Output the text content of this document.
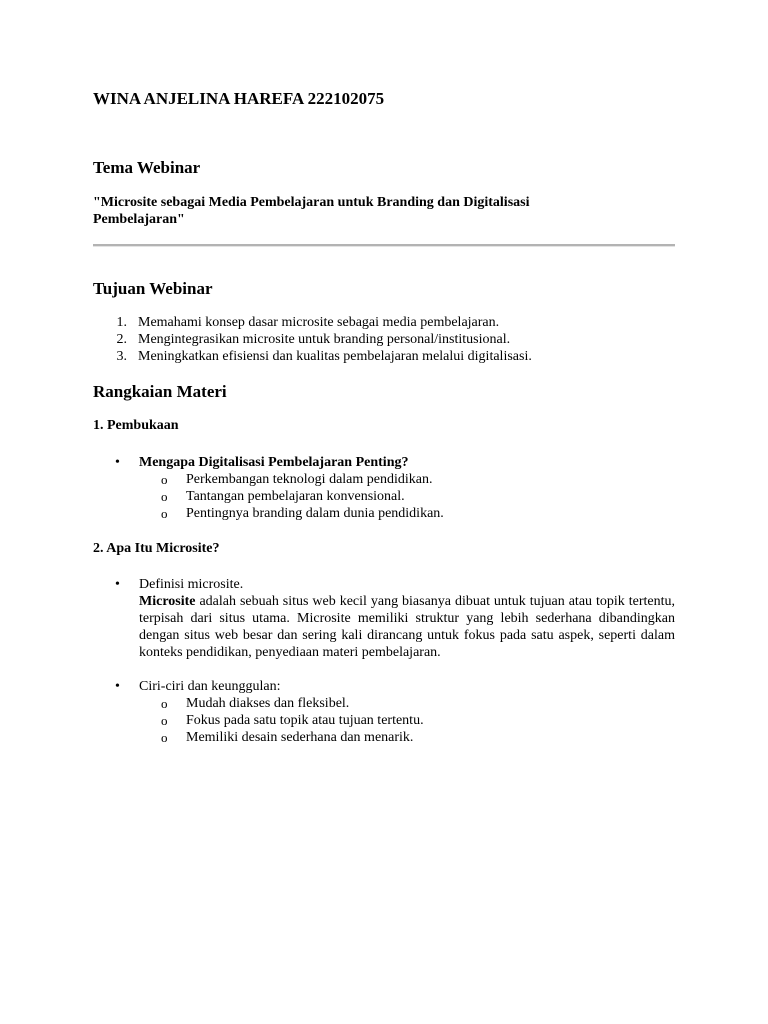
WINA ANJELINA HAREFA 222102075
Tema Webinar
"Microsite sebagai Media Pembelajaran untuk Branding dan Digitalisasi
Pembelajaran"
Tujuan Webinar
1. Memahami konsep dasar microsite sebagai media pembelajaran.
2. Mengintegrasikan microsite untuk branding personal/institusional.
3. Meningkatkan efisiensi dan kualitas pembelajaran melalui digitalisasi.
Rangkaian Materi
1. Pembukaan
• Mengapa Digitalisasi Pembelajaran Penting?
o Perkembangan teknologi dalam pendidikan.
o Tantangan pembelajaran konvensional.
o Pentingnya branding dalam dunia pendidikan.
2. Apa Itu Microsite?
• Definisi microsite.
Microsite adalah sebuah situs web kecil yang biasanya dibuat untuk tujuan atau topik tertentu, terpisah dari situs utama. Microsite memiliki struktur yang lebih sederhana dibandingkan dengan situs web besar dan sering kali dirancang untuk fokus pada satu aspek, seperti dalam konteks pendidikan, penyediaan materi pembelajaran.
• Ciri-ciri dan keunggulan:
o Mudah diakses dan fleksibel.
o Fokus pada satu topik atau tujuan tertentu.
o Memiliki desain sederhana dan menarik.
